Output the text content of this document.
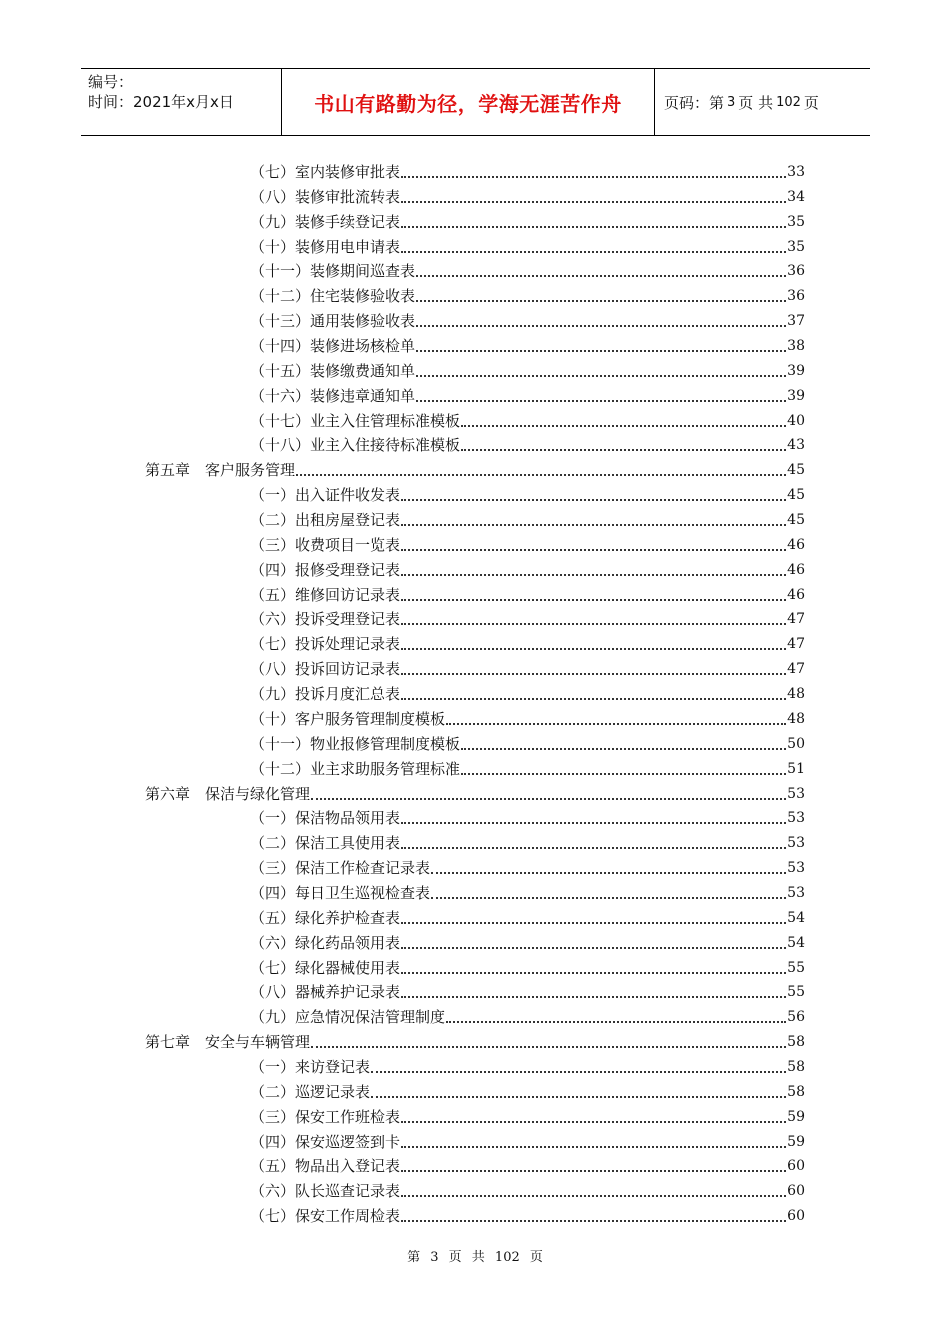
编号：
时间：2021年x月x日	书山有路勤为径，学海无涯苦作舟	页码：第 3 页 共 102 页
（七）室内装修审批表	33
（八）装修审批流转表	34
（九）装修手续登记表	35
（十）装修用电申请表	35
（十一）装修期间巡查表	36
（十二）住宅装修验收表	36
（十三）通用装修验收表	37
（十四）装修进场核检单	38
（十五）装修缴费通知单	39
（十六）装修违章通知单	39
（十七）业主入住管理标准模板	40
（十八）业主入住接待标准模板	43
第五章　客户服务管理	45
（一）出入证件收发表	45
（二）出租房屋登记表	45
（三）收费项目一览表	46
（四）报修受理登记表	46
（五）维修回访记录表	46
（六）投诉受理登记表	47
（七）投诉处理记录表	47
（八）投诉回访记录表	47
（九）投诉月度汇总表	48
（十）客户服务管理制度模板	48
（十一）物业报修管理制度模板	50
（十二）业主求助服务管理标准	51
第六章　保洁与绿化管理	53
（一）保洁物品领用表	53
（二）保洁工具使用表	53
（三）保洁工作检查记录表	53
（四）每日卫生巡视检查表	53
（五）绿化养护检查表	54
（六）绿化药品领用表	54
（七）绿化器械使用表	55
（八）器械养护记录表	55
（九）应急情况保洁管理制度	56
第七章　安全与车辆管理	58
（一）来访登记表	58
（二）巡逻记录表	58
（三）保安工作班检表	59
（四）保安巡逻签到卡	59
（五）物品出入登记表	60
（六）队长巡查记录表	60
（七）保安工作周检表	60
第 3 页 共 102 页
